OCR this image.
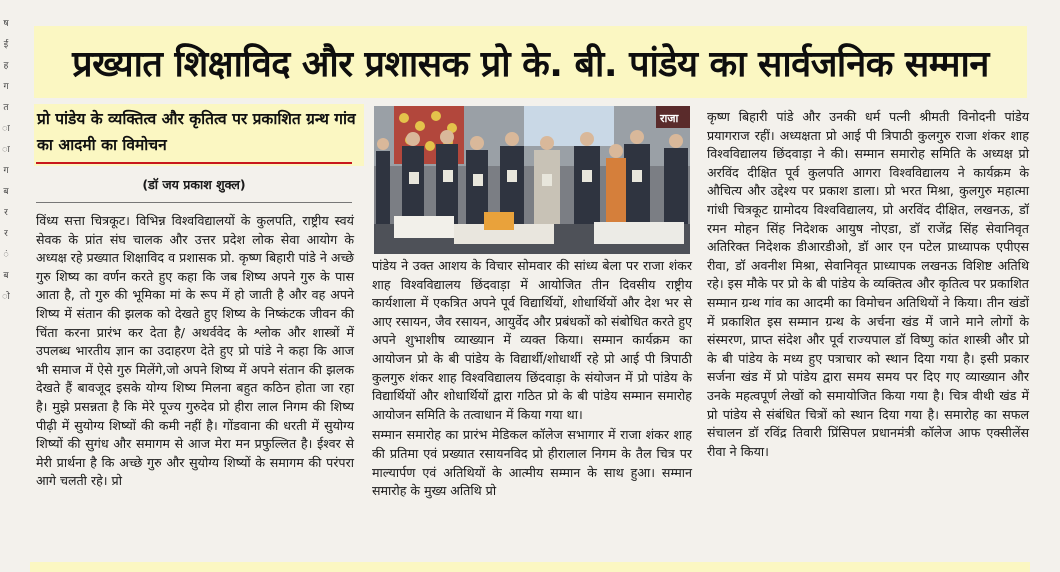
ष
ई
ह
ग
त
ा
ा
ग
ब
र
र
ं
ब
ो
प्रख्यात शिक्षाविद और प्रशासक प्रो के. बी. पांडेय का सार्वजनिक सम्मान
प्रो पांडेय के व्यक्तित्व और कृतित्व पर प्रकाशित ग्रन्थ गांव का आदमी का विमोचन
(डॉ जय प्रकाश शुक्ल)

विंध्य सत्ता चित्रकूट। विभिन्न विश्वविद्यालयों के कुलपति, राष्ट्रीय स्वयं सेवक के प्रांत संघ चालक और उत्तर प्रदेश लोक सेवा आयोग के अध्यक्ष रहे प्रख्यात शिक्षाविद व प्रशासक प्रो. कृष्ण बिहारी पांडे ने अच्छे गुरु शिष्य का वर्णन करते हुए कहा कि जब शिष्य अपने गुरु के पास आता है, तो गुरु की भूमिका मां के रूप में हो जाती है और वह अपने शिष्य में संतान की झलक को देखते हुए शिष्य के निष्कंटक जीवन की चिंता करना प्रारंभ कर देता है/ अथर्ववेद के श्लोक और शास्त्रों में उपलब्ध भारतीय ज्ञान का उदाहरण देते हुए प्रो पांडे ने कहा कि आज भी समाज में ऐसे गुरु मिलेंगे,जो अपने शिष्य में अपने संतान की झलक देखते हैं बावजूद इसके योग्य शिष्य मिलना बहुत कठिन होता जा रहा है। मुझे प्रसन्नता है कि मेरे पूज्य गुरुदेव प्रो हीरा लाल निगम की शिष्य पीढ़ी में सुयोग्य शिष्यों की कमी नहीं है। गोंडवाना की धरती में सुयोग्य शिष्यों की सुगंध और समागम से आज मेरा मन प्रफुल्लित है। ईश्वर से मेरी प्रार्थना है कि अच्छे गुरु और सुयोग्य शिष्यों के समागम की परंपरा आगे चलती रहे। प्रो

राजा

पांडेय ने उक्त आशय के विचार सोमवार की सांध्य बेला पर राजा शंकर शाह विश्वविद्यालय छिंदवाड़ा में आयोजित तीन दिवसीय राष्ट्रीय कार्यशाला में एकत्रित अपने पूर्व विद्यार्थियों, शोधार्थियों और देश भर से आए रसायन, जैव रसायन, आयुर्वेद और प्रबंधकों को संबोधित करते हुए अपने शुभाशीष व्याख्यान में व्यक्त किया। सम्मान कार्यक्रम का आयोजन प्रो के बी पांडेय के विद्यार्थी/शोधार्थी रहे प्रो आई पी त्रिपाठी कुलगुरु शंकर शाह विश्वविद्यालय छिंदवाड़ा के संयोजन में प्रो पांडेय के विद्यार्थियों और शोधार्थियों द्वारा गठित प्रो के बी पांडेय सम्मान समारोह आयोजन समिति के तत्वाधान में किया गया था।

सम्मान समारोह का प्रारंभ मेडिकल कॉलेज सभागार में राजा शंकर शाह की प्रतिमा एवं प्रख्यात रसायनविद प्रो हीरालाल निगम के तैल चित्र पर माल्यार्पण एवं अतिथियों के आत्मीय सम्मान के साथ हुआ। सम्मान समारोह के मुख्य अतिथि प्रो

कृष्ण बिहारी पांडे और उनकी धर्म पत्नी श्रीमती विनोदनी पांडेय प्रयागराज रहीं। अध्यक्षता प्रो आई पी त्रिपाठी कुलगुरु राजा शंकर शाह विश्वविद्यालय छिंदवाड़ा ने की। सम्मान समारोह समिति के अध्यक्ष प्रो अरविंद दीक्षित पूर्व कुलपति आगरा विश्वविद्यालय ने कार्यक्रम के औचित्य और उद्देश्य पर प्रकाश डाला। प्रो भरत मिश्रा, कुलगुरु महात्मा गांधी चित्रकूट ग्रामोदय विश्वविद्यालय, प्रो अरविंद दीक्षित, लखनऊ, डॉ रमन मोहन सिंह निदेशक आयुष नोएडा, डॉ राजेंद्र सिंह सेवानिवृत अतिरिक्त निदेशक डीआरडीओ, डॉ आर एन पटेल प्राध्यापक एपीएस रीवा, डॉ अवनीश मिश्रा, सेवानिवृत प्राध्यापक लखनऊ विशिष्ट अतिथि रहे। इस मौके पर प्रो के बी पांडेय के व्यक्तित्व और कृतित्व पर प्रकाशित सम्मान ग्रन्थ गांव का आदमी का विमोचन अतिथियों ने किया। तीन खंडों में प्रकाशित इस सम्मान ग्रन्थ के अर्चना खंड में जाने माने लोगों के संस्मरण, प्राप्त संदेश और पूर्व राज्यपाल डॉ विष्णु कांत शास्त्री और प्रो के बी पांडेय के मध्य हुए पत्राचार को स्थान दिया गया है। इसी प्रकार सर्जना खंड में प्रो पांडेय द्वारा समय समय पर दिए गए व्याख्यान और उनके महत्वपूर्ण लेखों को समायोजित किया गया है। चित्र वीथी खंड में प्रो पांडेय से संबंधित चित्रों को स्थान दिया गया है। समारोह का सफल संचालन डॉ रविंद्र तिवारी प्रिंसिपल प्रधानमंत्री कॉलेज आफ एक्सीलेंस रीवा ने किया।
